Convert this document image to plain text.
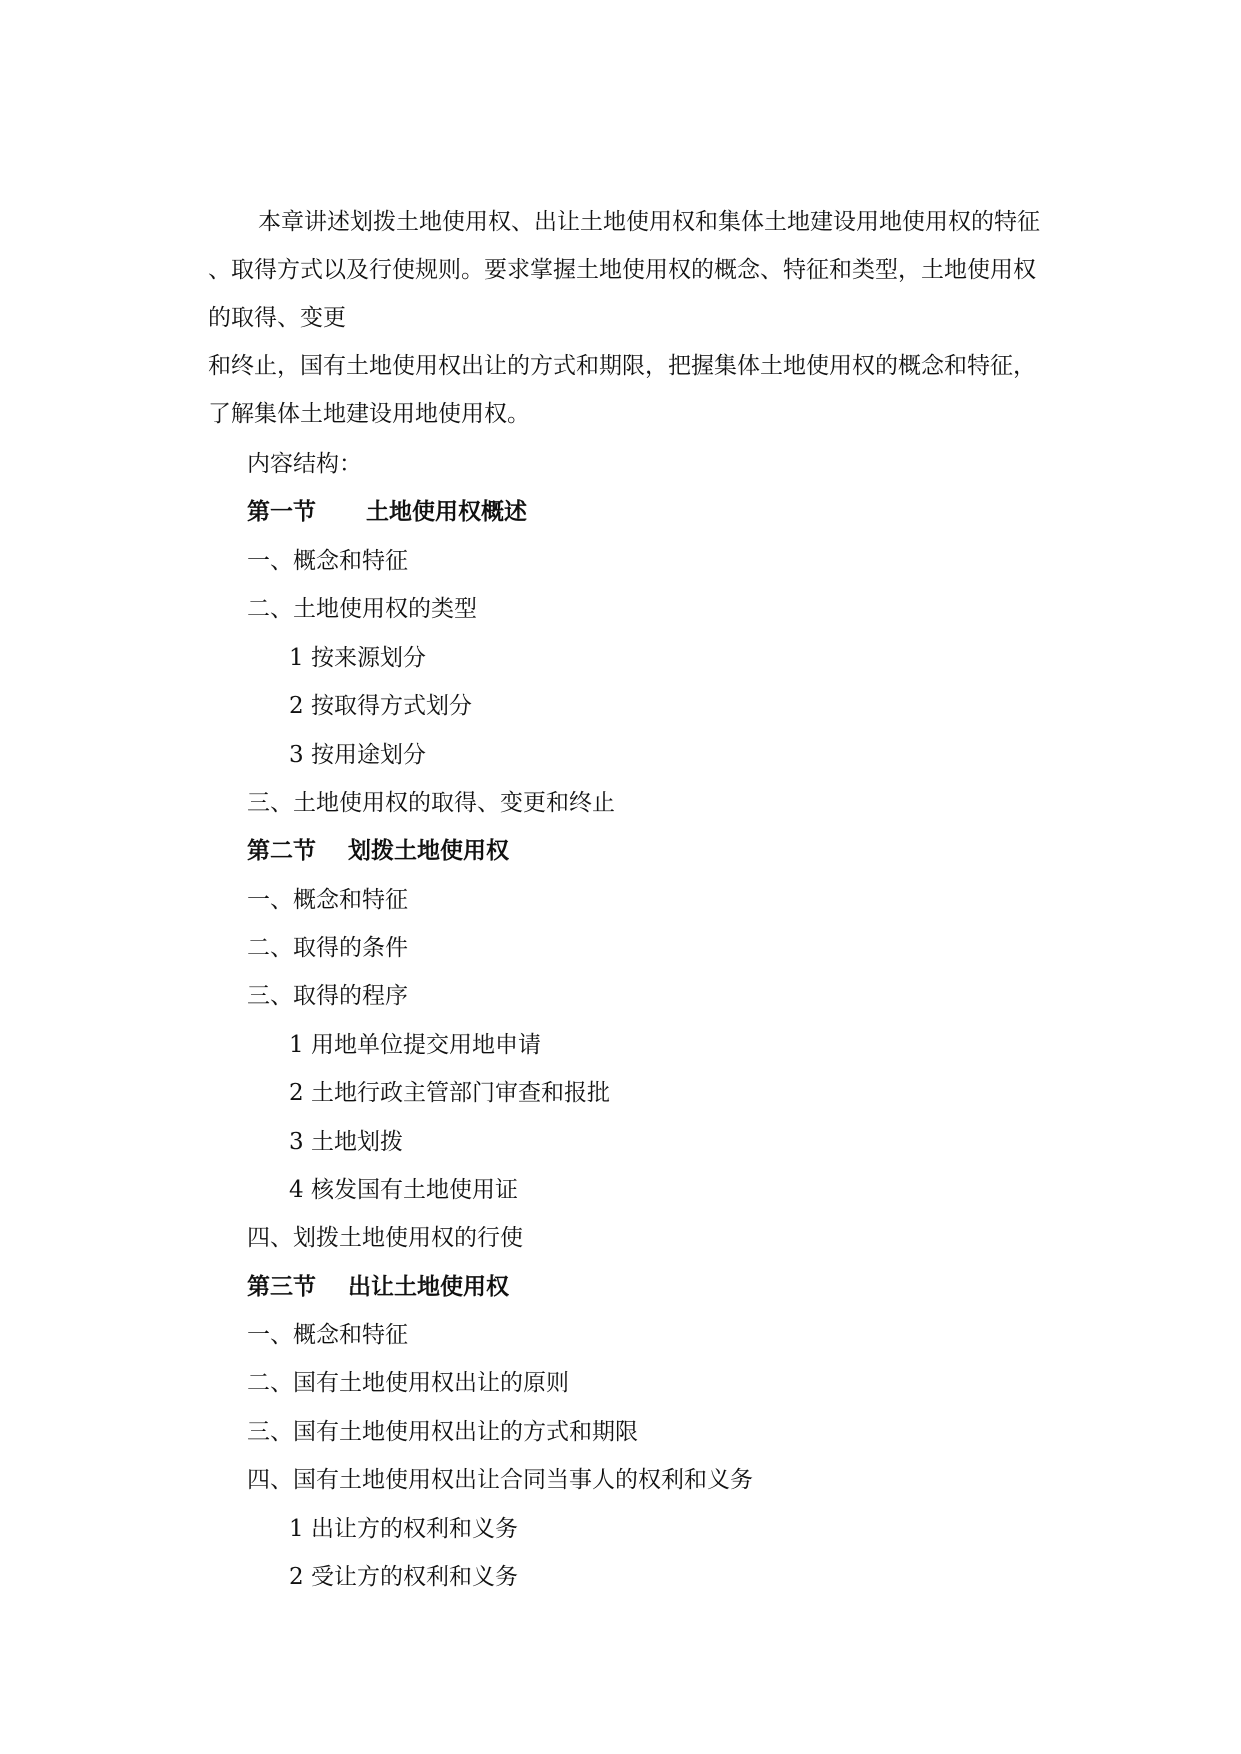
本章讲述划拨土地使用权、出让土地使用权和集体土地建设用地使用权的特征
、取得方式以及行使规则。要求掌握土地使用权的概念、特征和类型，土地使用权
的取得、变更
和终止，国有土地使用权出让的方式和期限，把握集体土地使用权的概念和特征，
了解集体土地建设用地使用权。
内容结构：
第一节 土地使用权概述
一、概念和特征
二、土地使用权的类型
1 按来源划分
2 按取得方式划分
3 按用途划分
三、土地使用权的取得、变更和终止
第二节 划拨土地使用权
一、概念和特征
二、取得的条件
三、取得的程序
1 用地单位提交用地申请
2 土地行政主管部门审查和报批
3 土地划拨
4 核发国有土地使用证
四、划拨土地使用权的行使
第三节 出让土地使用权
一、概念和特征
二、国有土地使用权出让的原则
三、国有土地使用权出让的方式和期限
四、国有土地使用权出让合同当事人的权利和义务
1 出让方的权利和义务
2 受让方的权利和义务
